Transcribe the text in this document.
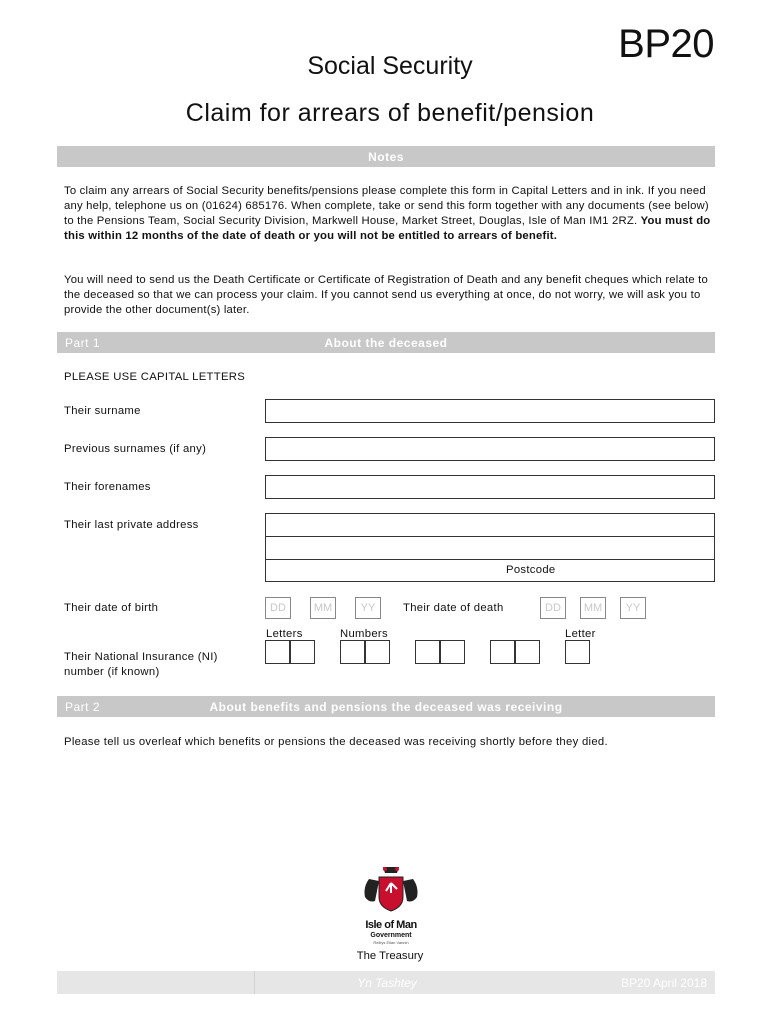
BP20
Social Security
Claim for arrears of benefit/pension
Notes
To claim any arrears of Social Security benefits/pensions please complete this form in Capital Letters and in ink. If you need any help, telephone us on (01624) 685176. When complete, take or send this form together with any documents (see below) to the Pensions Team, Social Security Division, Markwell House, Market Street, Douglas, Isle of Man IM1 2RZ. You must do this within 12 months of the date of death or you will not be entitled to arrears of benefit.
You will need to send us the Death Certificate or Certificate of Registration of Death and any benefit cheques which relate to the deceased so that we can process your claim. If you cannot send us everything at once, do not worry, we will ask you to provide the other document(s) later.
Part 1	About the deceased
PLEASE USE CAPITAL LETTERS
Their surname
Previous surnames (if any)
Their forenames
Their last private address
Postcode
Their date of birth	DD	MM	YY	Their date of death	DD	MM	YY
Letters	Numbers	Letter
Their National Insurance (NI)
number (if known)
Part 2	About benefits and pensions the deceased was receiving
Please tell us overleaf which benefits or pensions the deceased was receiving shortly before they died.
Isle of Man
Government
Reiltys Ellan Vannin
The Treasury
Yn Tashtey	BP20 April 2018
